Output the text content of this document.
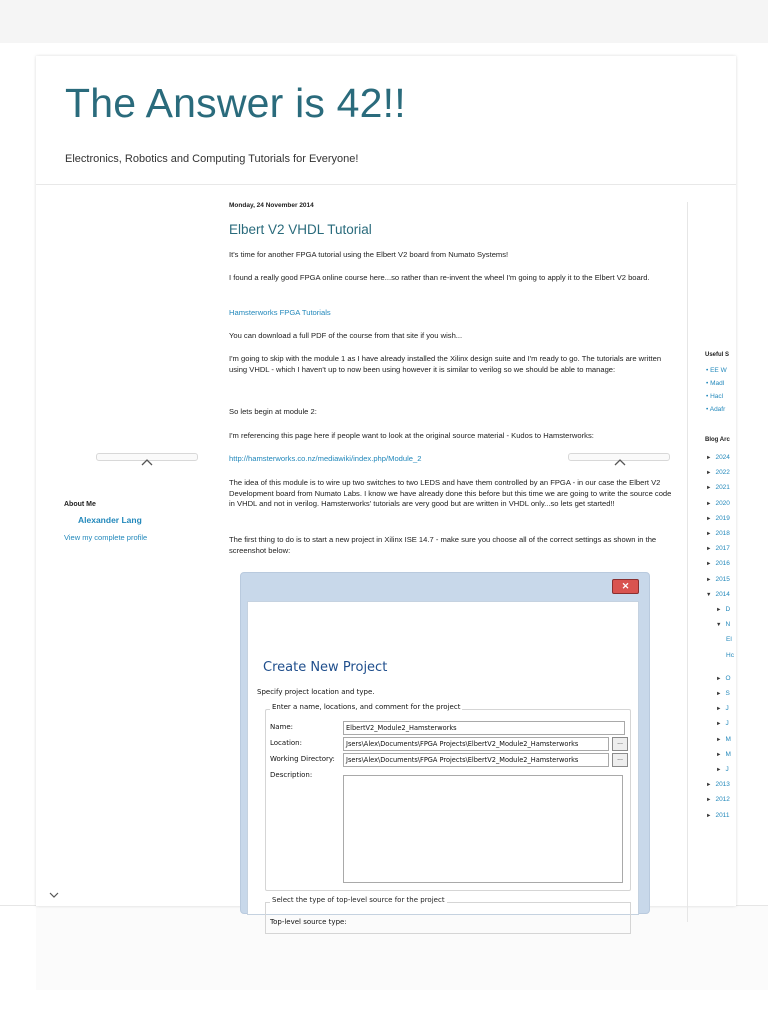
The Answer is 42!!
Electronics, Robotics and Computing Tutorials for Everyone!
About Me
Alexander Lang
View my complete profile
Monday, 24 November 2014
Elbert V2 VHDL Tutorial

It's time for another FPGA tutorial using the Elbert V2 board from Numato Systems!

I found a really good FPGA online course here...so rather than re-invent the wheel I'm going to apply it to the Elbert V2 board.

Hamsterworks FPGA Tutorials

You can download a full PDF of the course from that site if you wish...

I'm going to skip with the module 1 as I have already installed the Xilinx design suite and I'm ready to go. The tutorials are written using VHDL - which I haven't up to now been using however it is similar to verilog so we should be able to manage:

So lets begin at module 2:

I'm referencing this page here if people want to look at the original source material - Kudos to Hamsterworks:

http://hamsterworks.co.nz/mediawiki/index.php/Module_2

The idea of this module is to wire up two switches to two LEDS and have them controlled by an FPGA - in our case the Elbert V2 Development board from Numato Labs. I know we have already done this before but this time we are going to write the source code in VHDL and not in verilog. Hamsterworks' tutorials are very good but are written in VHDL only...so lets get started!!

The first thing to do is to start a new project in Xilinx ISE 14.7 - make sure you choose all of the correct settings as shown in the screenshot below:

✕
Create New Project
Specify project location and type.
Enter a name, locations, and comment for the project
Name:	ElbertV2_Module2_Hamsterworks
Location:	Jsers\Alex\Documents\FPGA Projects\ElbertV2_Module2_Hamsterworks	...
Working Directory:	Jsers\Alex\Documents\FPGA Projects\ElbertV2_Module2_Hamsterworks	...
Description:
Select the type of top-level source for the project
Top-level source type:
Useful S
• EE W
• Madl
• Hacl
• Adafr
Blog Arc
► 2024
► 2022
► 2021
► 2020
► 2019
► 2018
► 2017
► 2016
► 2015
▼ 2014
► D
▼ N
El
Hc
► O
► S
► J
► J
► M
► M
► J
► 2013
► 2012
► 2011
